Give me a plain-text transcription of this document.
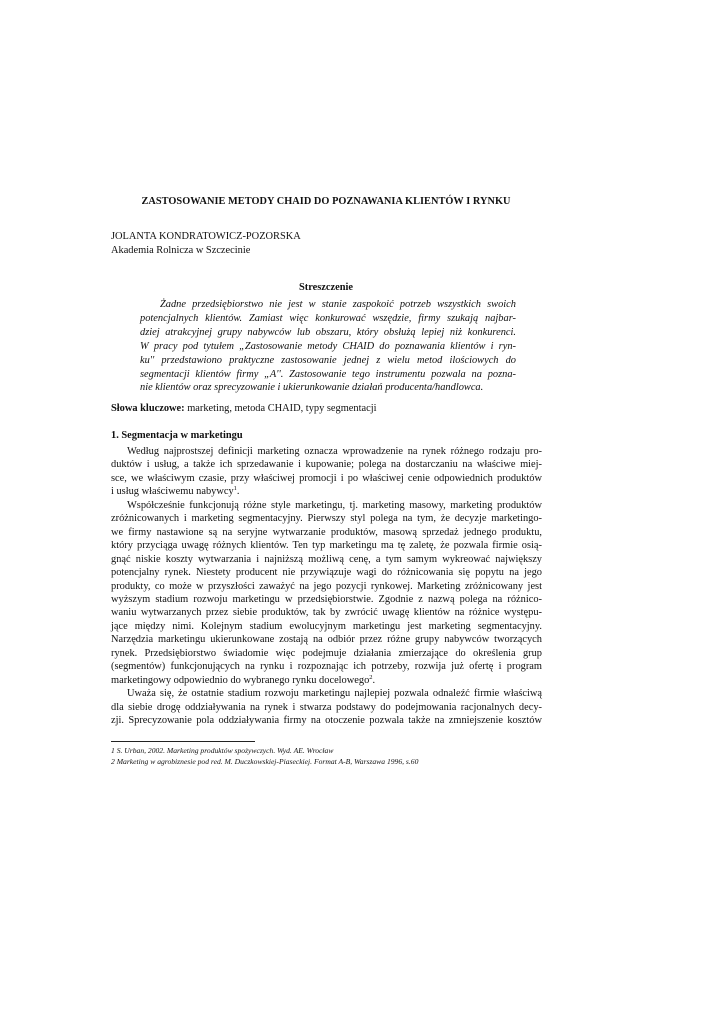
ZASTOSOWANIE METODY CHAID DO POZNAWANIA KLIENTÓW I RYNKU
JOLANTA KONDRATOWICZ-POZORSKA
Akademia Rolnicza w Szczecinie
Streszczenie
Żadne przedsiębiorstwo nie jest w stanie zaspokoić potrzeb wszystkich swoich
potencjalnych klientów. Zamiast więc konkurować wszędzie, firmy szukają najbar-
dziej atrakcyjnej grupy nabywców lub obszaru, który obsłużą lepiej niż konkurenci.
W pracy pod tytułem „Zastosowanie metody CHAID do poznawania klientów i ryn-
ku'' przedstawiono praktyczne zastosowanie jednej z wielu metod ilościowych do
segmentacji klientów firmy „A''. Zastosowanie tego instrumentu pozwala na pozna-
nie klientów oraz sprecyzowanie i ukierunkowanie działań producenta/handlowca.
Słowa kluczowe: marketing, metoda CHAID, typy segmentacji
1. Segmentacja w marketingu
Według najprostszej definicji marketing oznacza wprowadzenie na rynek różnego rodzaju pro-
duktów i usług, a także ich sprzedawanie i kupowanie; polega na dostarczaniu na właściwe miej-
sce, we właściwym czasie, przy właściwej promocji i po właściwej cenie odpowiednich produktów
i usług właściwemu nabywcy$^1$.
Współcześnie funkcjonują różne style marketingu, tj. marketing masowy, marketing produktów
zróżnicowanych i marketing segmentacyjny. Pierwszy styl polega na tym, że decyzje marketingo-
we firmy nastawione są na seryjne wytwarzanie produktów, masową sprzedaż jednego produktu,
który przyciąga uwagę różnych klientów. Ten typ marketingu ma tę zaletę, że pozwala firmie osią-
gnąć niskie koszty wytwarzania i najniższą możliwą cenę, a tym samym wykreować największy
potencjalny rynek. Niestety producent nie przywiązuje wagi do różnicowania się popytu na jego
produkty, co może w przyszłości zaważyć na jego pozycji rynkowej. Marketing zróżnicowany jest
wyższym stadium rozwoju marketingu w przedsiębiorstwie. Zgodnie z nazwą polega na różnico-
waniu wytwarzanych przez siebie produktów, tak by zwrócić uwagę klientów na różnice występu-
jące między nimi. Kolejnym stadium ewolucyjnym marketingu jest marketing segmentacyjny.
Narzędzia marketingu ukierunkowane zostają na odbiór przez różne grupy nabywców tworzących
rynek. Przedsiębiorstwo świadomie więc podejmuje działania zmierzające do określenia grup
(segmentów) funkcjonujących na rynku i rozpoznając ich potrzeby, rozwija już ofertę i program
marketingowy odpowiednio do wybranego rynku docelowego$^2$.
Uważa się, że ostatnie stadium rozwoju marketingu najlepiej pozwala odnaleźć firmie właściwą
dla siebie drogę oddziaływania na rynek i stwarza podstawy do podejmowania racjonalnych decy-
zji. Sprecyzowanie pola oddziaływania firmy na otoczenie pozwala także na zmniejszenie kosztów
1 S. Urban, 2002. Marketing produktów spożywczych. Wyd. AE. Wrocław
2 Marketing w agrobiznesie pod red. M. Duczkowskiej-Piaseckiej. Format A-B, Warszawa 1996, s.60
